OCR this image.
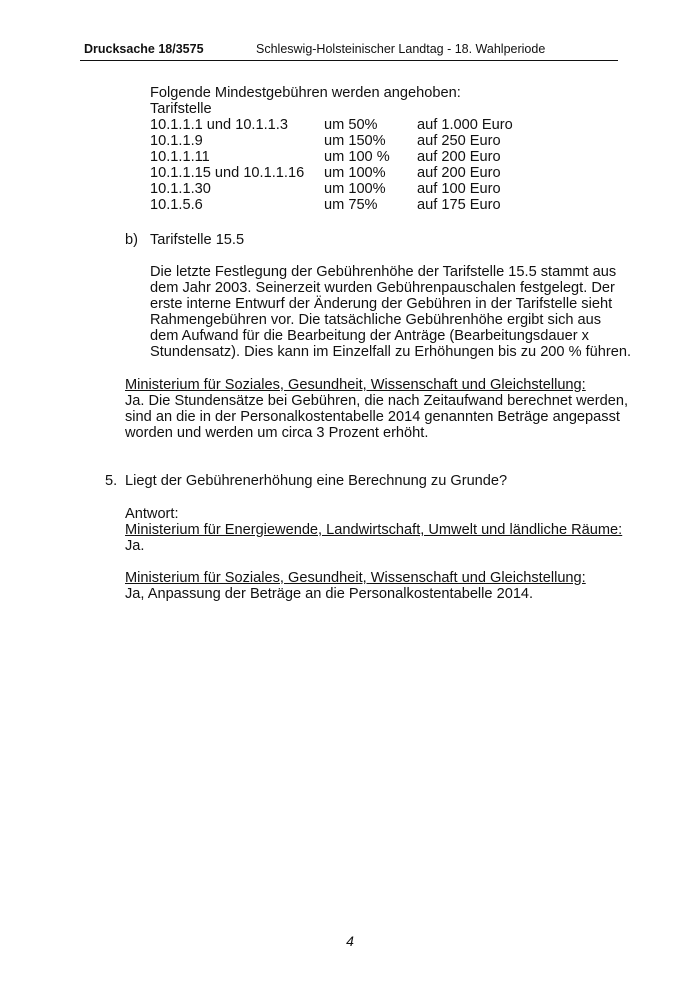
Drucksache 18/3575	Schleswig-Holsteinischer Landtag - 18. Wahlperiode
Folgende Mindestgebühren werden angehoben:
Tarifstelle
10.1.1.1 und 10.1.1.3 um 50%	auf 1.000 Euro
10.1.1.9	um 150% auf 250 Euro
10.1.1.11	um 100 % auf 200 Euro
10.1.1.15 und 10.1.1.16 um 100% auf 200 Euro
10.1.1.30	um 100% auf 100 Euro
10.1.5.6	um 75%	auf 175 Euro
b) Tarifstelle 15.5
Die letzte Festlegung der Gebührenhöhe der Tarifstelle 15.5 stammt aus
dem Jahr 2003. Seinerzeit wurden Gebührenpauschalen festgelegt. Der
erste interne Entwurf der Änderung der Gebühren in der Tarifstelle sieht
Rahmengebühren vor. Die tatsächliche Gebührenhöhe ergibt sich aus
dem Aufwand für die Bearbeitung der Anträge (Bearbeitungsdauer x
Stundensatz). Dies kann im Einzelfall zu Erhöhungen bis zu 200 % führen.
Ministerium für Soziales, Gesundheit, Wissenschaft und Gleichstellung:
Ja. Die Stundensätze bei Gebühren, die nach Zeitaufwand berechnet werden,
sind an die in der Personalkostentabelle 2014 genannten Beträge angepasst
worden und werden um circa 3 Prozent erhöht.
5. Liegt der Gebührenerhöhung eine Berechnung zu Grunde?
Antwort:
Ministerium für Energiewende, Landwirtschaft, Umwelt und ländliche Räume:
Ja.
Ministerium für Soziales, Gesundheit, Wissenschaft und Gleichstellung:
Ja, Anpassung der Beträge an die Personalkostentabelle 2014.
4
